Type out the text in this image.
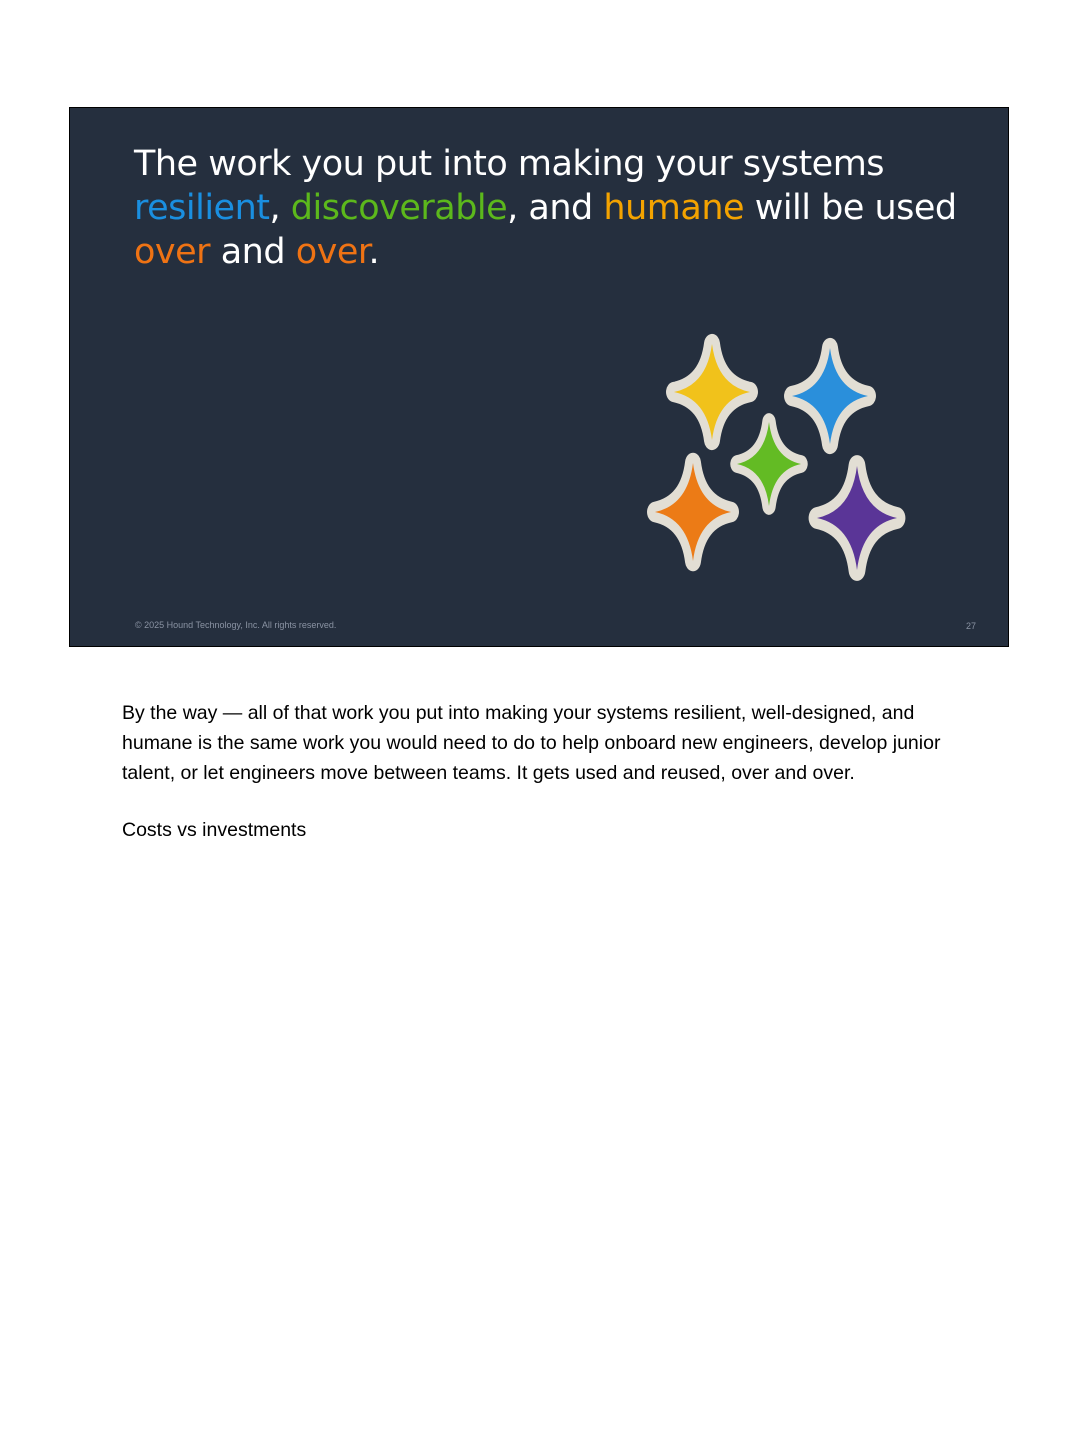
The work you put into making your systems
resilient, discoverable, and humane will be used over and over.
© 2025 Hound Technology, Inc. All rights reserved.	27

By the way — all of that work you put into making your systems resilient, well-designed, and humane is the same work you would need to do to help onboard new engineers, develop junior talent, or let engineers move between teams. It gets used and reused, over and over.

Costs vs investments
